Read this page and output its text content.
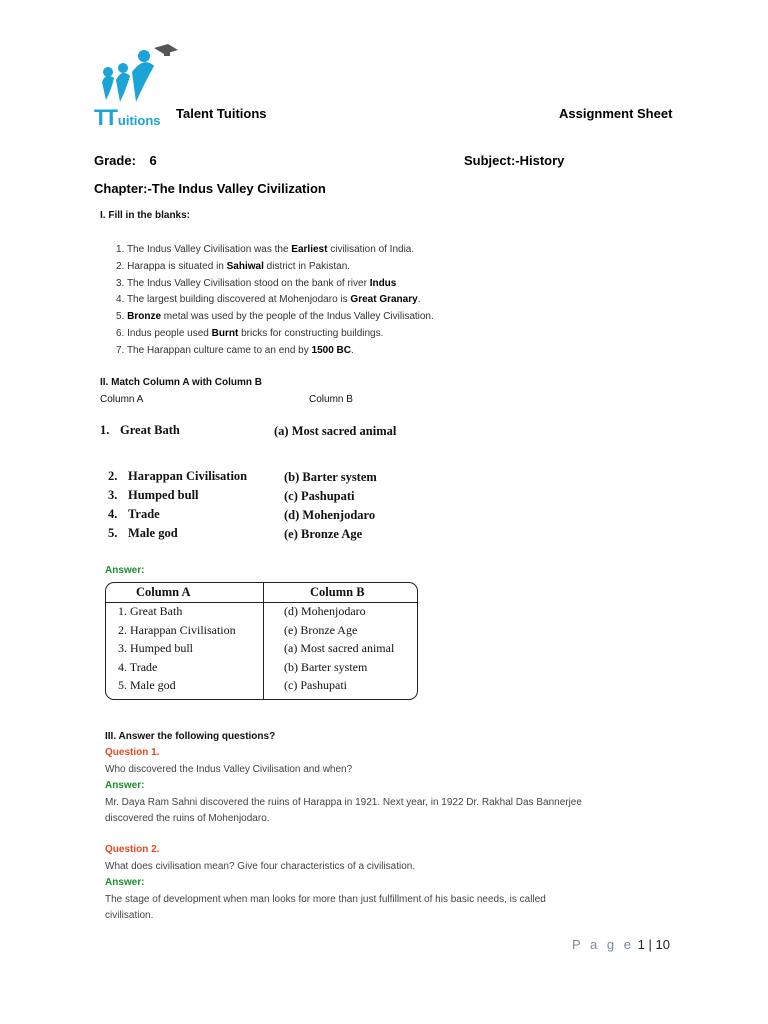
TTuitions Talent Tuitions	Assignment Sheet
Grade: 6	Subject:-History
Chapter:-The Indus Valley Civilization
I. Fill in the blanks:
1. The Indus Valley Civilisation was the Earliest civilisation of India.
2. Harappa is situated in Sahiwal district in Pakistan.
3. The Indus Valley Civilisation stood on the bank of river Indus
4. The largest building discovered at Mohenjodaro is Great Granary.
5. Bronze metal was used by the people of the Indus Valley Civilisation.
6. Indus people used Burnt bricks for constructing buildings.
7. The Harappan culture came to an end by 1500 BC.
II. Match Column A with Column B
Column A	Column B
1. Great Bath	(a) Most sacred animal
2. Harappan Civilisation	(b) Barter system
3. Humped bull	(c) Pashupati
4. Trade	(d) Mohenjodaro
5. Male god	(e) Bronze Age
Answer:
Column A	Column B
1. Great Bath	(d) Mohenjodaro
2. Harappan Civilisation	(e) Bronze Age
3. Humped bull	(a) Most sacred animal
4. Trade	(b) Barter system
5. Male god	(c) Pashupati
III. Answer the following questions?
Question 1.
Who discovered the Indus Valley Civilisation and when?
Answer:
Mr. Daya Ram Sahni discovered the ruins of Harappa in 1921. Next year, in 1922 Dr. Rakhal Das Bannerjee
discovered the ruins of Mohenjodaro.
Question 2.
What does civilisation mean? Give four characteristics of a civilisation.
Answer:
The stage of development when man looks for more than just fulfillment of his basic needs, is called
civilisation.
P a g e 1 | 10
